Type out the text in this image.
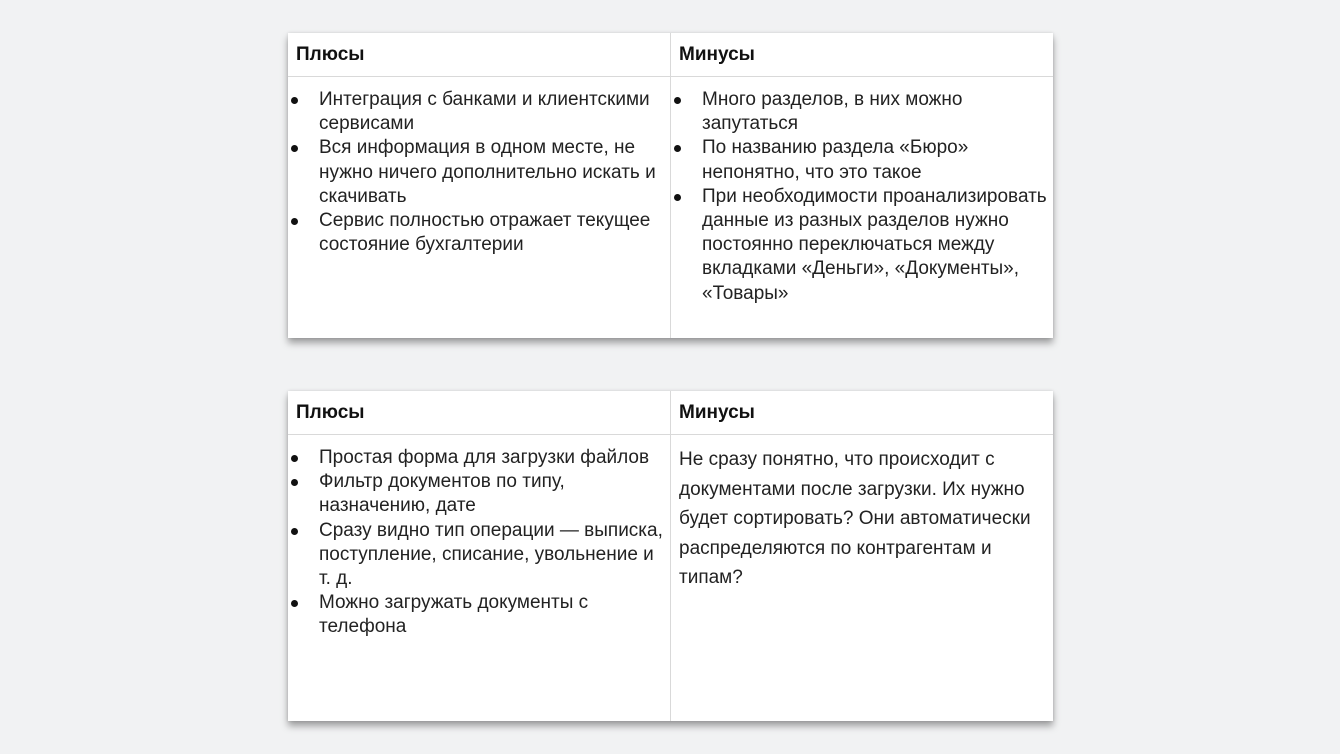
Плюсы
Интеграция с банками и клиентскими сервисами
Вся информация в одном месте, не нужно ничего дополнительно искать и скачивать
Сервис полностью отражает текущее состояние бухгалтерии
Минусы
Много разделов, в них можно запутаться
По названию раздела «Бюро» непонятно, что это такое
При необходимости проанализировать данные из разных разделов нужно постоянно переключаться между вкладками «Деньги», «Документы», «Товары»
Плюсы
Простая форма для загрузки файлов
Фильтр документов по типу, назначению, дате
Сразу видно тип операции — выписка, поступление, списание, увольнение и т. д.
Можно загружать документы с телефона
Минусы

Не сразу понятно, что происходит с документами после загрузки. Их нужно будет сортировать? Они автоматически распределяются по контрагентам и типам?
